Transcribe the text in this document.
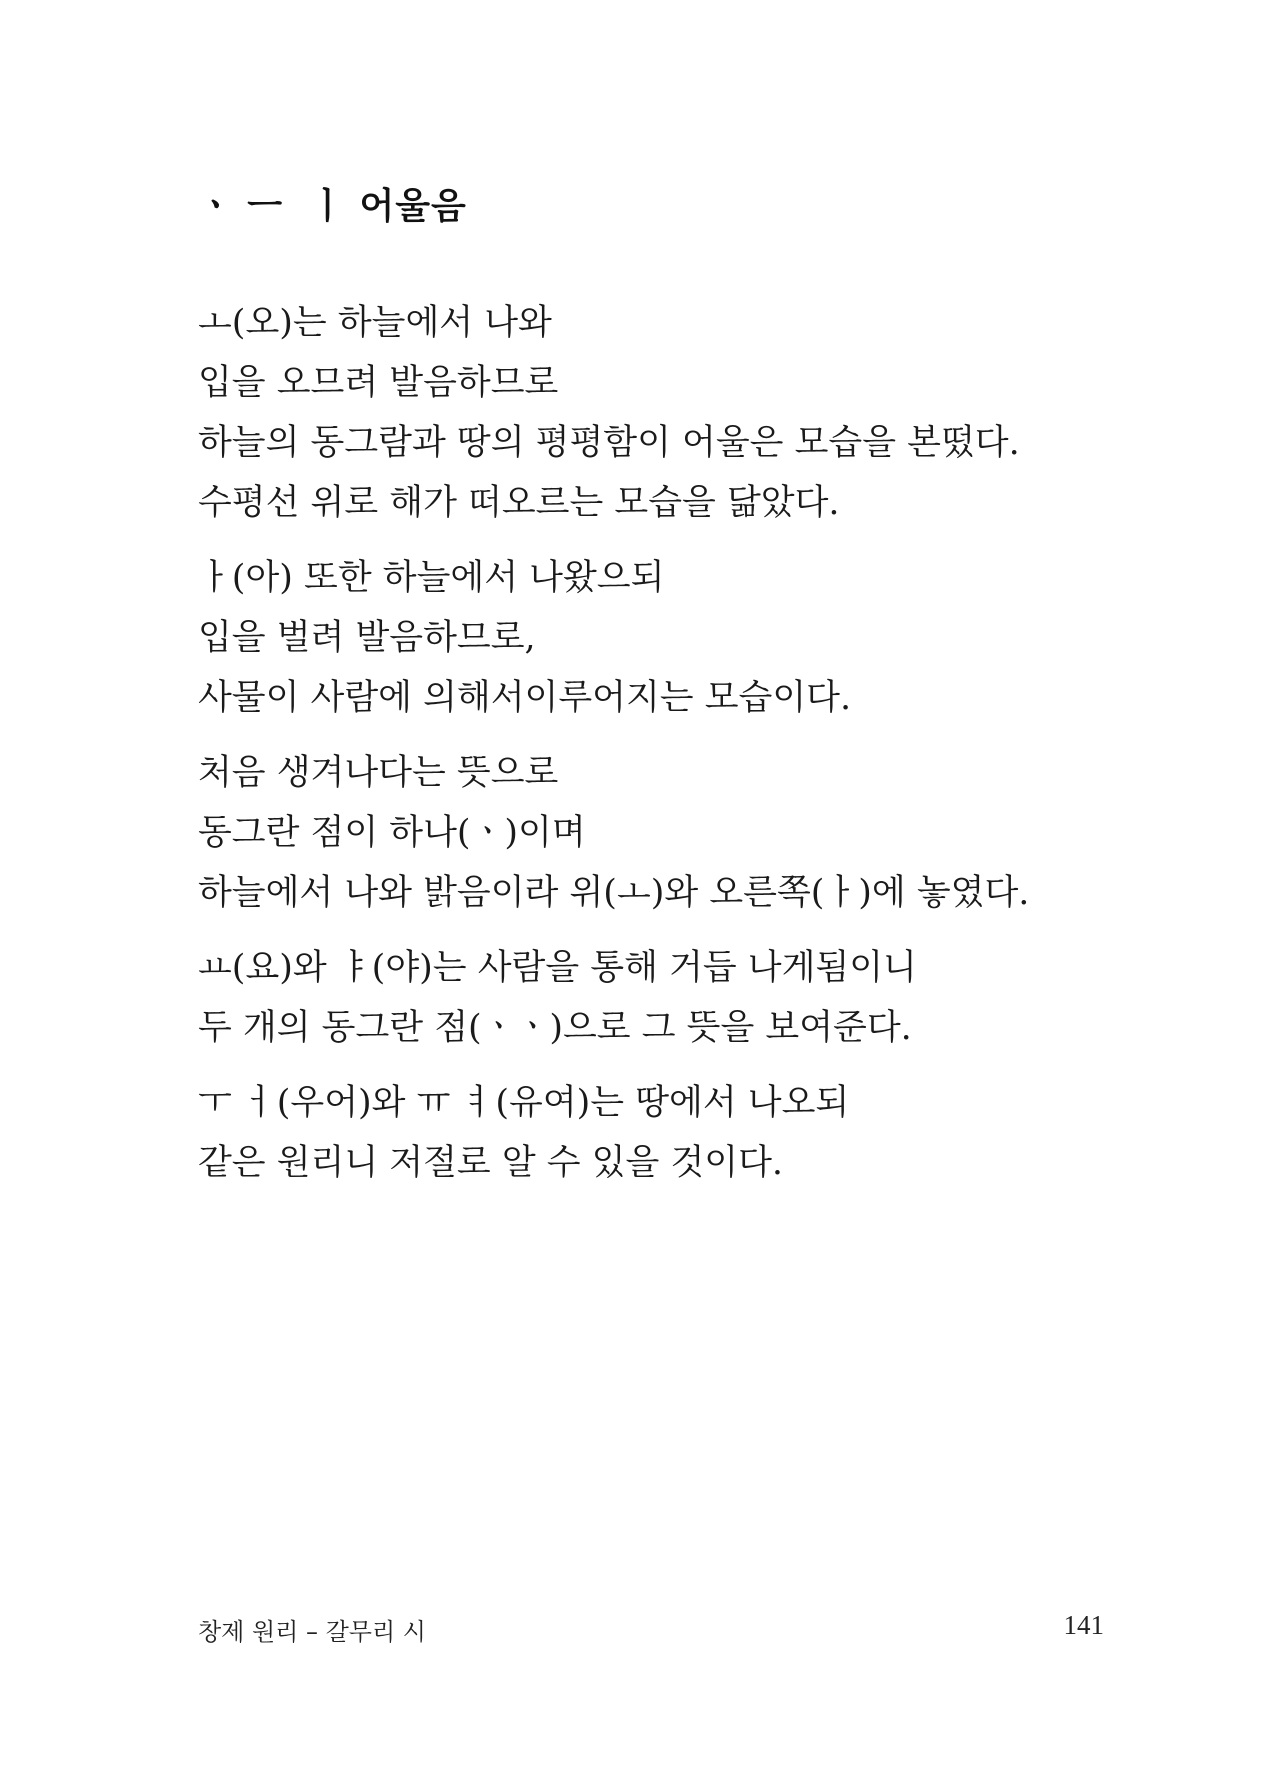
ㆍ ㅡ  ㅣ 어울음
ㅗ(오)는 하늘에서 나와
입을 오므려 발음하므로
하늘의 동그람과 땅의 평평함이 어울은 모습을 본떴다.
수평선 위로 해가 떠오르는 모습을 닮았다.
ㅏ(아) 또한 하늘에서 나왔으되
입을 벌려 발음하므로,
사물이 사람에 의해서이루어지는 모습이다.
처음 생겨나다는 뜻으로
동그란 점이 하나(ㆍ)이며
하늘에서 나와 밝음이라 위(ㅗ)와 오른쪽(ㅏ)에 놓였다.
ㅛ(요)와 ㅑ(야)는 사람을 통해 거듭 나게됨이니
두 개의 동그란 점(ㆍㆍ)으로 그 뜻을 보여준다.
ㅜ ㅓ(우어)와 ㅠ ㅕ(유여)는 땅에서 나오되
같은 원리니 저절로 알 수 있을 것이다.
창제 원리 – 갈무리 시	141
